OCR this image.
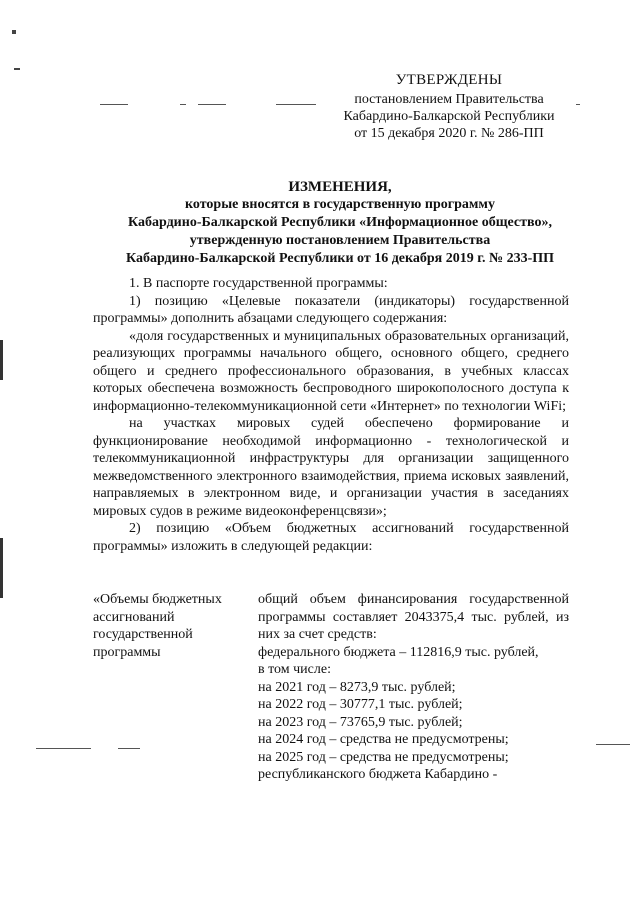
УТВЕРЖДЕНЫ
постановлением Правительства
Кабардино-Балкарской Республики
от 15 декабря 2020 г. № 286-ПП
ИЗМЕНЕНИЯ,
которые вносятся в государственную программу
Кабардино-Балкарской Республики «Информационное общество»,
утвержденную постановлением Правительства
Кабардино-Балкарской Республики от 16 декабря 2019 г. № 233-ПП

1. В паспорте государственной программы:

1) позицию «Целевые показатели (индикаторы) государственной программы» дополнить абзацами следующего содержания:

«доля государственных и муниципальных образовательных организаций, реализующих программы начального общего, основного общего, среднего общего и среднего профессионального образования, в учебных классах которых обеспечена возможность беспроводного широкополосного доступа к информационно-телекоммуникационной сети «Интернет» по технологии WiFi;

на участках мировых судей обеспечено формирование и функционирование необходимой информационно - технологической и телекоммуникационной инфраструктуры для организации защищенного межведомственного электронного взаимодействия, приема исковых заявлений, направляемых в электронном виде, и организации участия в заседаниях мировых судов в режиме видеоконференцсвязи»;

2) позицию «Объем бюджетных ассигнований государственной программы» изложить в следующей редакции:

«Объемы бюджетных ассигнований государственной программы

общий объем финансирования государственной программы составляет 2043375,4 тыс. рублей, из них за счет средств:

федерального бюджета – 112816,9 тыс. рублей,

в том числе:

на 2021 год – 8273,9 тыс. рублей;

на 2022 год – 30777,1 тыс. рублей;

на 2023 год – 73765,9 тыс. рублей;

на 2024 год – средства не предусмотрены;

на 2025 год – средства не предусмотрены;

республиканского бюджета Кабардино -
